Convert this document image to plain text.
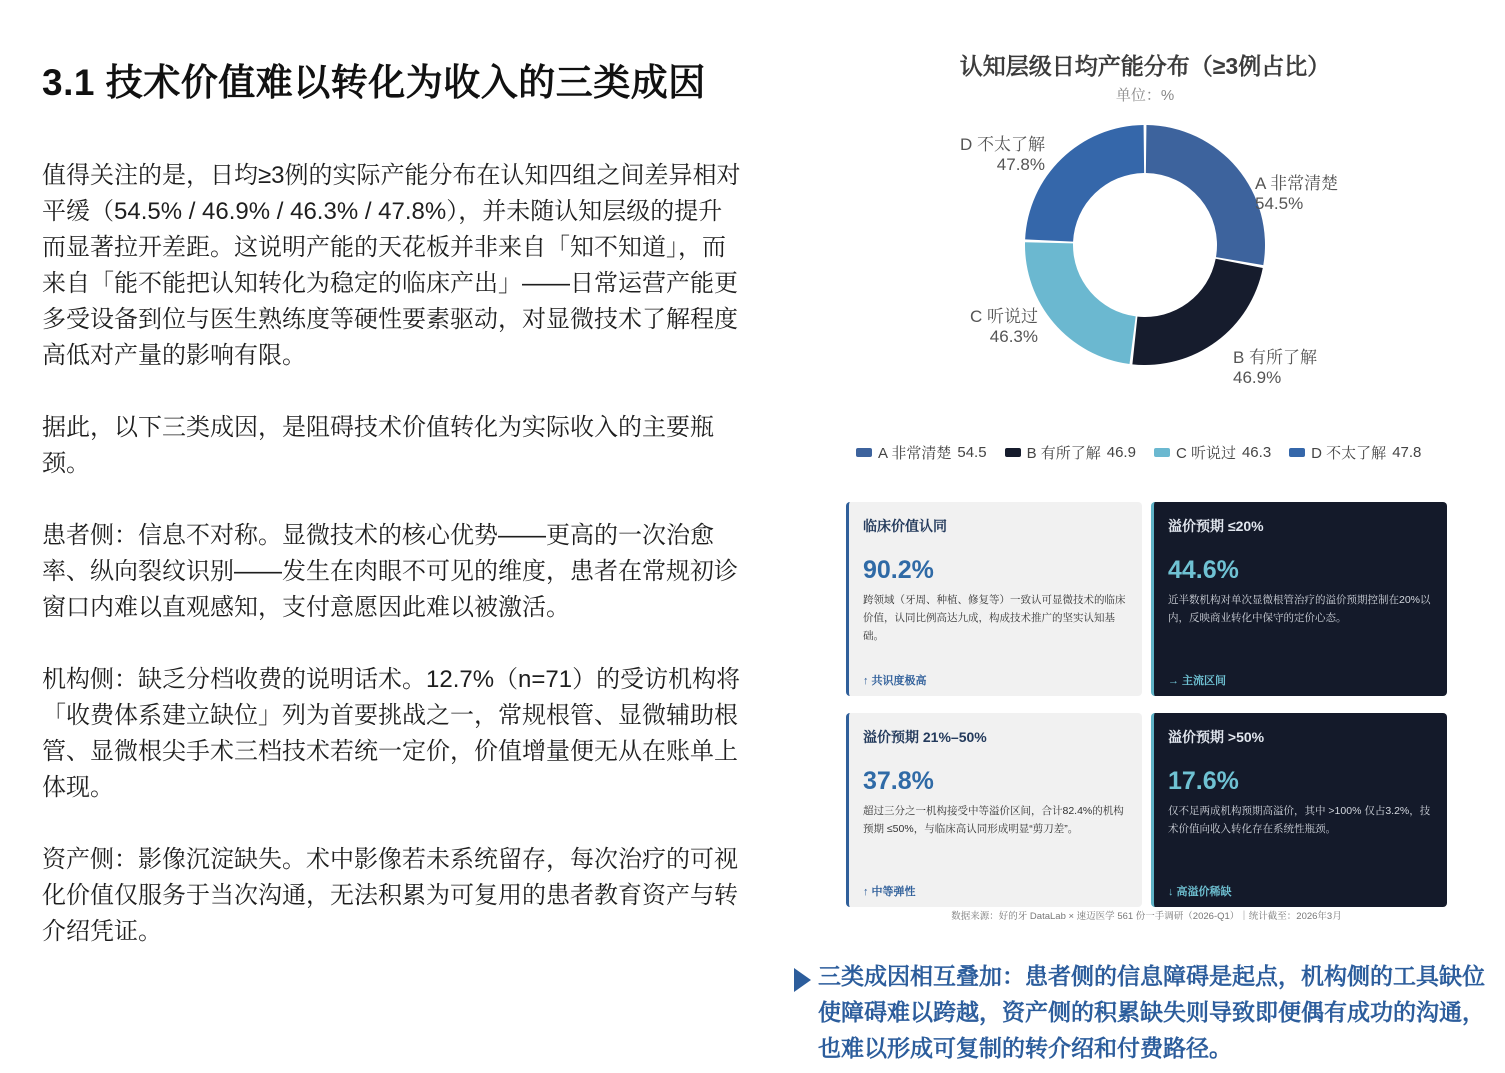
3.1 技术价值难以转化为收入的三类成因

值得关注的是，日均≥3例的实际产能分布在认知四组之间差异相对平缓（54.5% / 46.9% / 46.3% / 47.8%），并未随认知层级的提升而显著拉开差距。这说明产能的天花板并非来自「知不知道」，而来自「能不能把认知转化为稳定的临床产出」——日常运营产能更多受设备到位与医生熟练度等硬性要素驱动，对显微技术了解程度高低对产量的影响有限。

据此，以下三类成因，是阻碍技术价值转化为实际收入的主要瓶颈。

患者侧：信息不对称。显微技术的核心优势——更高的一次治愈率、纵向裂纹识别——发生在肉眼不可见的维度，患者在常规初诊窗口内难以直观感知，支付意愿因此难以被激活。

机构侧：缺乏分档收费的说明话术。12.7%（n=71）的受访机构将「收费体系建立缺位」列为首要挑战之一，常规根管、显微辅助根管、显微根尖手术三档技术若统一定价，价值增量便无从在账单上体现。

资产侧：影像沉淀缺失。术中影像若未系统留存，每次治疗的可视化价值仅服务于当次沟通，无法积累为可复用的患者教育资产与转介绍凭证。

认知层级日均产能分布（≥3例占比）
单位：%
A 非常清楚
54.5%
B 有所了解
46.9%
C 听说过
46.3%
D 不太了解
47.8%
A 非常清楚 54.5	B 有所了解 46.9	C 听说过 46.3	D 不太了解 47.8
临床价值认同
90.2%
跨领域（牙周、种植、修复等）一致认可显微技术的临床价值，认同比例高达九成，构成技术推广的坚实认知基础。
↑ 共识度极高
溢价预期 ≤20%
44.6%
近半数机构对单次显微根管治疗的溢价预期控制在20%以内，反映商业转化中保守的定价心态。
→ 主流区间
溢价预期 21%–50%
37.8%
超过三分之一机构接受中等溢价区间，合计82.4%的机构预期 ≤50%，与临床高认同形成明显“剪刀差”。
↑ 中等弹性
溢价预期 >50%
17.6%
仅不足两成机构预期高溢价，其中 >100% 仅占3.2%，技术价值向收入转化存在系统性瓶颈。
↓ 高溢价稀缺
数据来源：好的牙 DataLab × 速迈医学 561 份一手调研（2026-Q1）｜统计截至：2026年3月
三类成因相互叠加：患者侧的信息障碍是起点，机构侧的工具缺位使障碍难以跨越，资产侧的积累缺失则导致即便偶有成功的沟通，也难以形成可复制的转介绍和付费路径。
